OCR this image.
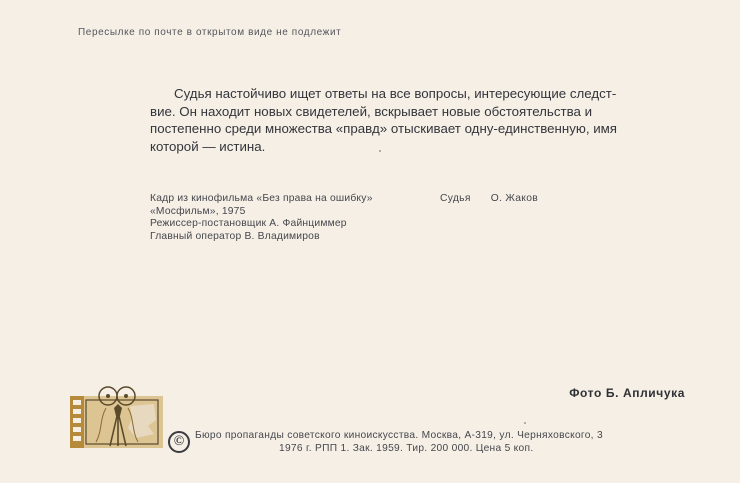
Пересылке по почте в открытом виде не подлежит
Судья настойчиво ищет ответы на все вопросы, интересующие следст-
вие. Он находит новых свидетелей, вскрывает новые обстоятельства и
постепенно среди множества «правд» отыскивает одну-единственную, имя
которой — истина.
Кадр из кинофильма «Без права на ошибку»
«Мосфильм», 1975
Режиссер-постановщик А. Файнциммер
Главный оператор В. Владимиров
Судья О. Жаков
Фото Б. Апличука
©	Бюро пропаганды советского киноискусства. Москва, А-319, ул. Черняховского, 3
1976 г. РПП 1. Зак. 1959. Тир. 200 000. Цена 5 коп.
